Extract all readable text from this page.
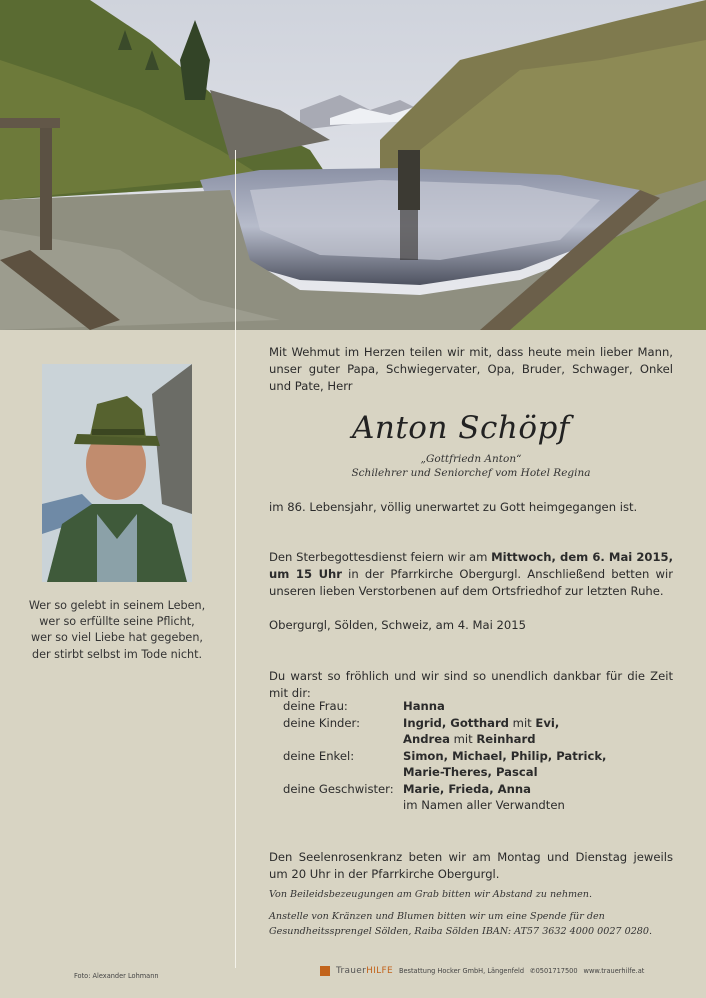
Wer so gelebt in seinem Leben,
wer so erfüllte seine Pflicht,
wer so viel Liebe hat gegeben,
der stirbt selbst im Tode nicht.

Mit Wehmut im Herzen teilen wir mit, dass heute mein lieber Mann, unser guter Papa, Schwiegervater, Opa, Bruder, Schwager, Onkel und Pate, Herr

Anton Schöpf
„Gottfriedn Anton“
Schilehrer und Seniorchef vom Hotel Regina

im 86. Lebensjahr, völlig unerwartet zu Gott heimgegangen ist.

Den Sterbegottesdienst feiern wir am Mittwoch, dem 6. Mai 2015, um 15 Uhr in der Pfarrkirche Obergurgl. Anschließend betten wir unseren lieben Verstorbenen auf dem Ortsfriedhof zur letzten Ruhe.

Obergurgl, Sölden, Schweiz, am 4. Mai 2015

Du warst so fröhlich und wir sind so unendlich dankbar für die Zeit mit dir:

deine Frau:	Hanna
deine Kinder:	Ingrid, Gotthard mit Evi,
Andrea mit Reinhard
deine Enkel:	Simon, Michael, Philip, Patrick,
Marie-Theres, Pascal
deine Geschwister: Marie, Frieda, Anna
im Namen aller Verwandten

Den Seelenrosenkranz beten wir am Montag und Dienstag jeweils um 20 Uhr in der Pfarrkirche Obergurgl.

Von Beileidsbezeugungen am Grab bitten wir Abstand zu nehmen.
Anstelle von Kränzen und Blumen bitten wir um eine Spende für den Gesundheitssprengel Sölden, Raiba Sölden IBAN: AT57 3632 4000 0027 0280.
Foto: Alexander Lohmann	TrauerHILFE Bestattung Hocker GmbH, Längenfeld ✆0501717500 www.trauerhilfe.at
